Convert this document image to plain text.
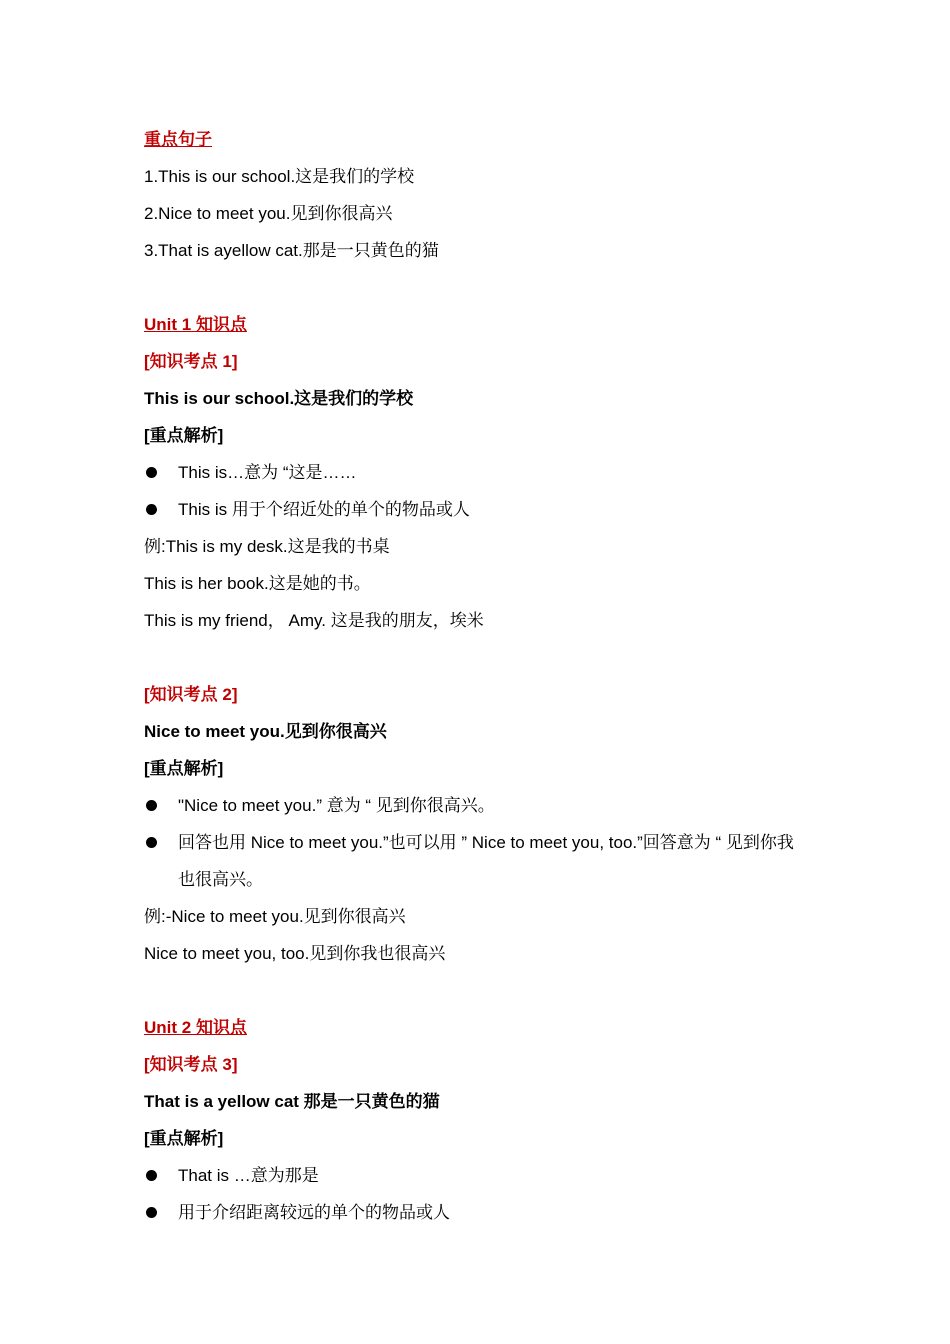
重点句子
1.This is our school.这是我们的学校
2.Nice to meet you.见到你很高兴
3.That is ayellow cat.那是一只黄色的猫
Unit 1 知识点
[知识考点 1]
This is our school.这是我们的学校
[重点解析]
This is…意为 “这是……
This is 用于个绍近处的单个的物品或人
例:This is my desk.这是我的书桌
This is her book.这是她的书。
This is my friend， Amy. 这是我的朋友，埃米
[知识考点 2]
Nice to meet you.见到你很高兴
[重点解析]
"Nice to meet you.” 意为 “ 见到你很高兴。
回答也用 Nice to meet you.”也可以用 ” Nice to meet you, too.”回答意为 “ 见到你我也很高兴。
例:-Nice to meet you.见到你很高兴
Nice to meet you, too.见到你我也很高兴
Unit 2 知识点
[知识考点 3]
That is a yellow cat 那是一只黄色的猫
[重点解析]
That is …意为那是
用于介绍距离较远的单个的物品或人
